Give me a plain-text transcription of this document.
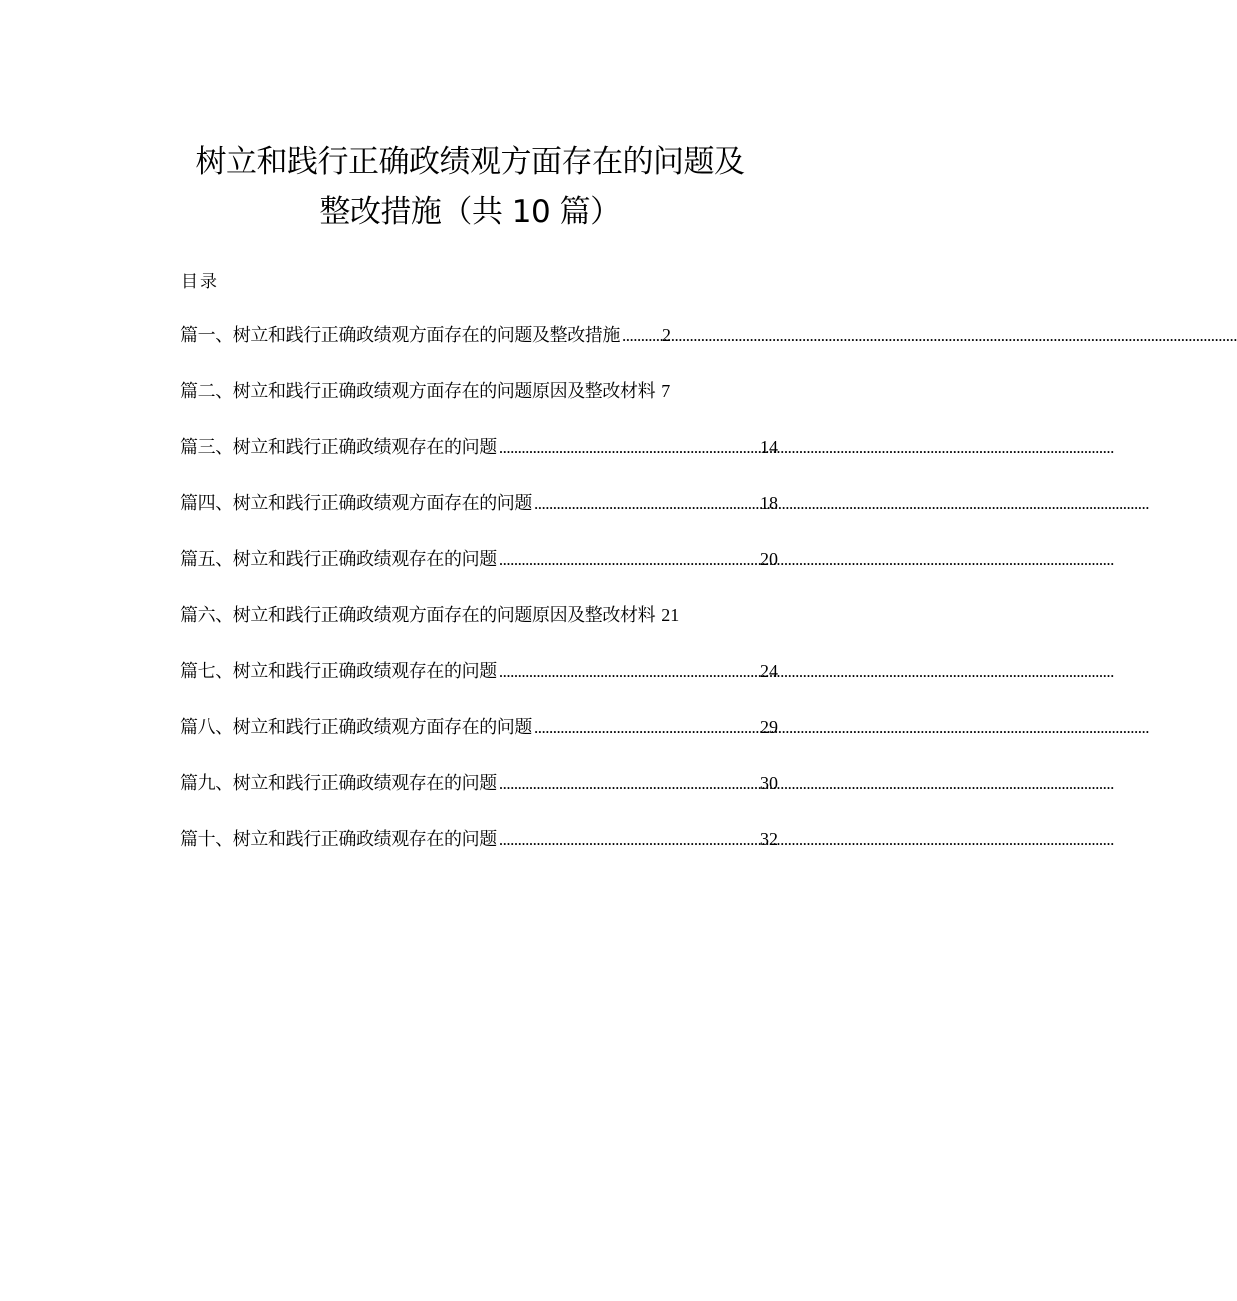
树立和践行正确政绩观方面存在的问题及
整改措施（共 10 篇）
目录
篇一、树立和践行正确政绩观方面存在的问题及整改措施 ..... 2
篇二、树立和践行正确政绩观方面存在的问题原因及整改材料 7
篇三、树立和践行正确政绩观存在的问题 .....	14
篇四、树立和践行正确政绩观方面存在的问题 .....	18
篇五、树立和践行正确政绩观存在的问题 .....	20
篇六、树立和践行正确政绩观方面存在的问题原因及整改材料 21
篇七、树立和践行正确政绩观存在的问题 .....	24
篇八、树立和践行正确政绩观方面存在的问题 .....	29
篇九、树立和践行正确政绩观存在的问题 .....	30
篇十、树立和践行正确政绩观存在的问题 .....	32
